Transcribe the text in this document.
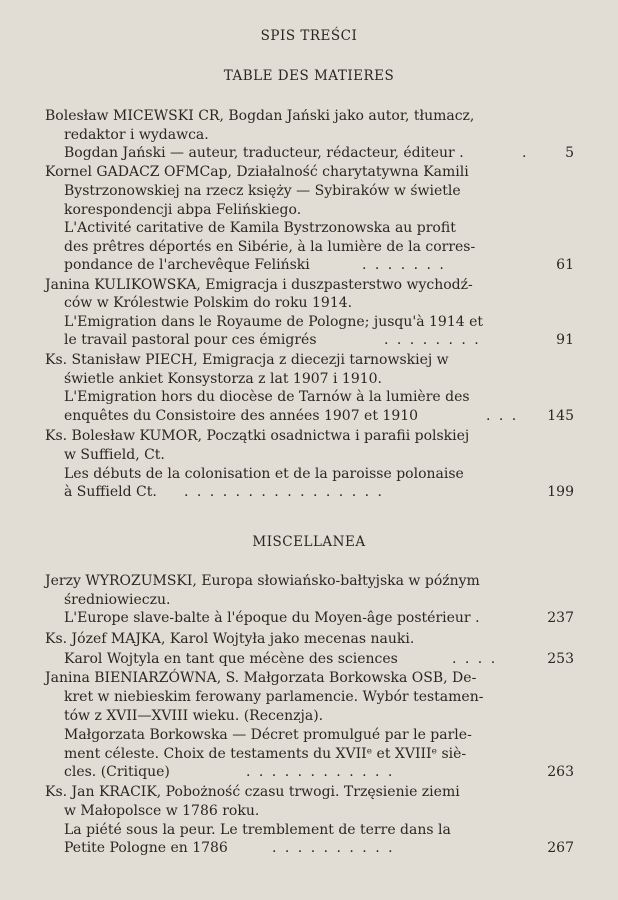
SPIS TREŚCI
TABLE DES MATIERES
Bolesław MICEWSKI CR, Bogdan Jański jako autor, tłumacz,
redaktor i wydawca.
Bogdan Jański — auteur, traducteur, rédacteur, éditeur .	.	5
Kornel GADACZ OFMCap, Działalność charytatywna Kamili
Bystrzonowskiej na rzecz księży — Sybiraków w świetle
korespondencji abpa Felińskiego.
L'Activité caritative de Kamila Bystrzonowska au profit
des prêtres déportés en Sibérie, à la lumière de la corres-
pondance de l'archevêque Feliński	. . . . . . .	61
Janina KULIKOWSKA, Emigracja i duszpasterstwo wychodź-
ców w Królestwie Polskim do roku 1914.
L'Emigration dans le Royaume de Pologne; jusqu'à 1914 et
le travail pastoral pour ces émigrés	. . . . . . . .	91
Ks. Stanisław PIECH, Emigracja z diecezji tarnowskiej w
świetle ankiet Konsystorza z lat 1907 i 1910.
L'Emigration hors du diocèse de Tarnów à la lumière des
enquêtes du Consistoire des années 1907 et 1910	. . . 145
Ks. Bolesław KUMOR, Początki osadnictwa i parafii polskiej
w Suffield, Ct.
Les débuts de la colonisation et de la paroisse polonaise
à Suffield Ct. . . . . . . . . . . . . . . . .	199
MISCELLANEA
Jerzy WYROZUMSKI, Europa słowiańsko-bałtyjska w późnym
średniowieczu.
L'Europe slave-balte à l'époque du Moyen-âge postérieur .	237
Ks. Józef MAJKA, Karol Wojtyła jako mecenas nauki.
Karol Wojtyla en tant que mécène des sciences	. . . .	253
Janina BIENIARZÓWNA, S. Małgorzata Borkowska OSB, De-
kret w niebieskim ferowany parlamencie. Wybór testamen-
tów z XVII—XVIII wieku. (Recenzja).
Małgorzata Borkowska — Décret promulgué par le parle-
ment céleste. Choix de testaments du XVIIᵉ et XVIIIᵉ siè-
cles. (Critique)	. . . . . . . . . . . .	263
Ks. Jan KRACIK, Pobożność czasu trwogi. Trzęsienie ziemi
w Małopolsce w 1786 roku.
La piété sous la peur. Le tremblement de terre dans la
Petite Pologne en 1786	. . . . . . . . . .	267
